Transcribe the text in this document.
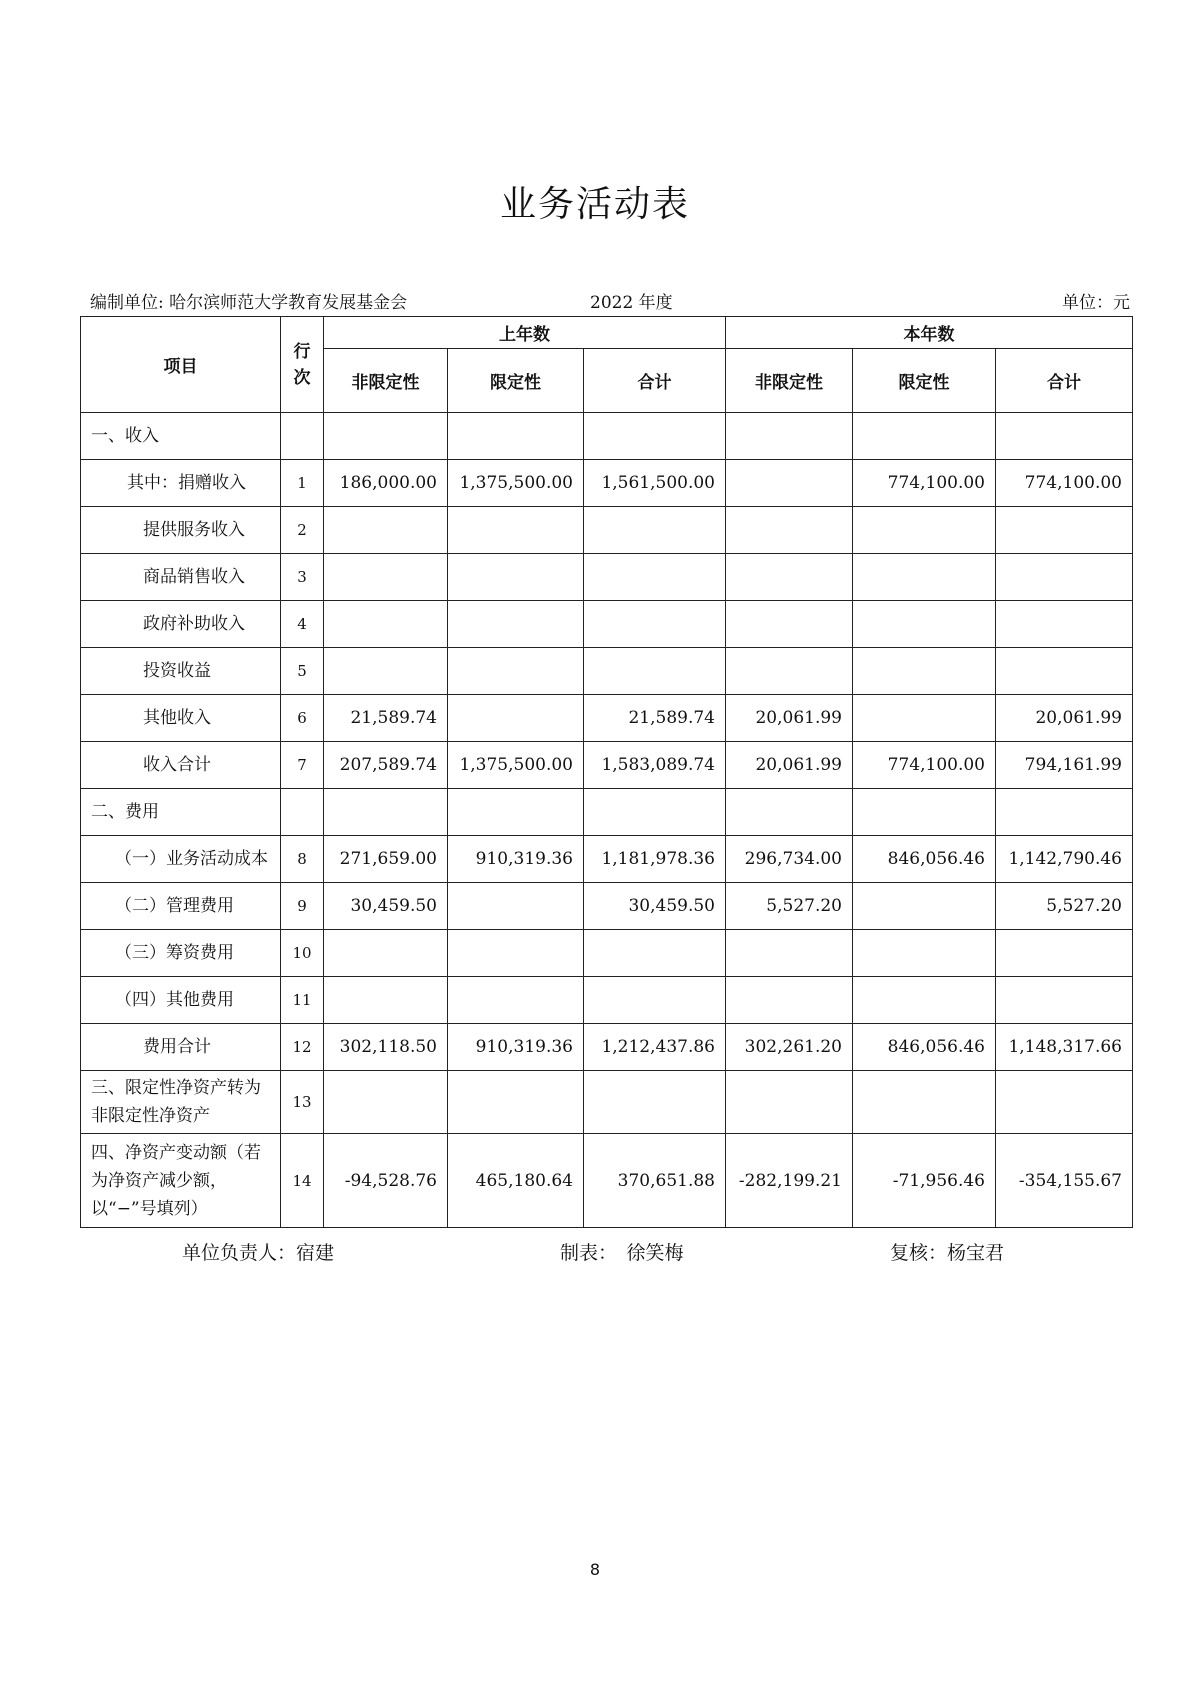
业务活动表
编制单位: 哈尔滨师范大学教育发展基金会	2022 年度	单位：元
项目	行次	上年数			本年数		
		非限定性	限定性	合计	非限定性	限定性	合计
一、收入							
其中：捐赠收入	1	186,000.00	1,375,500.00	1,561,500.00		774,100.00	774,100.00
提供服务收入	2						
商品销售收入	3						
政府补助收入	4						
投资收益	5						
其他收入	6	21,589.74		21,589.74	20,061.99		20,061.99
收入合计	7	207,589.74	1,375,500.00	1,583,089.74	20,061.99	774,100.00	794,161.99
二、费用							
（一）业务活动成本	8	271,659.00	910,319.36	1,181,978.36	296,734.00	846,056.46	1,142,790.46
（二）管理费用	9	30,459.50		30,459.50	5,527.20		5,527.20
（三）筹资费用	10						
（四）其他费用	11						
费用合计	12	302,118.50	910,319.36	1,212,437.86	302,261.20	846,056.46	1,148,317.66
三、限定性净资产转为非限定性净资产	13						
四、净资产变动额（若为净资产减少额，以“−”号填列）	14	-94,528.76	465,180.64	370,651.88	-282,199.21	-71,956.46	-354,155.67
单位负责人：宿建	制表：　徐笑梅	复核：杨宝君
8
